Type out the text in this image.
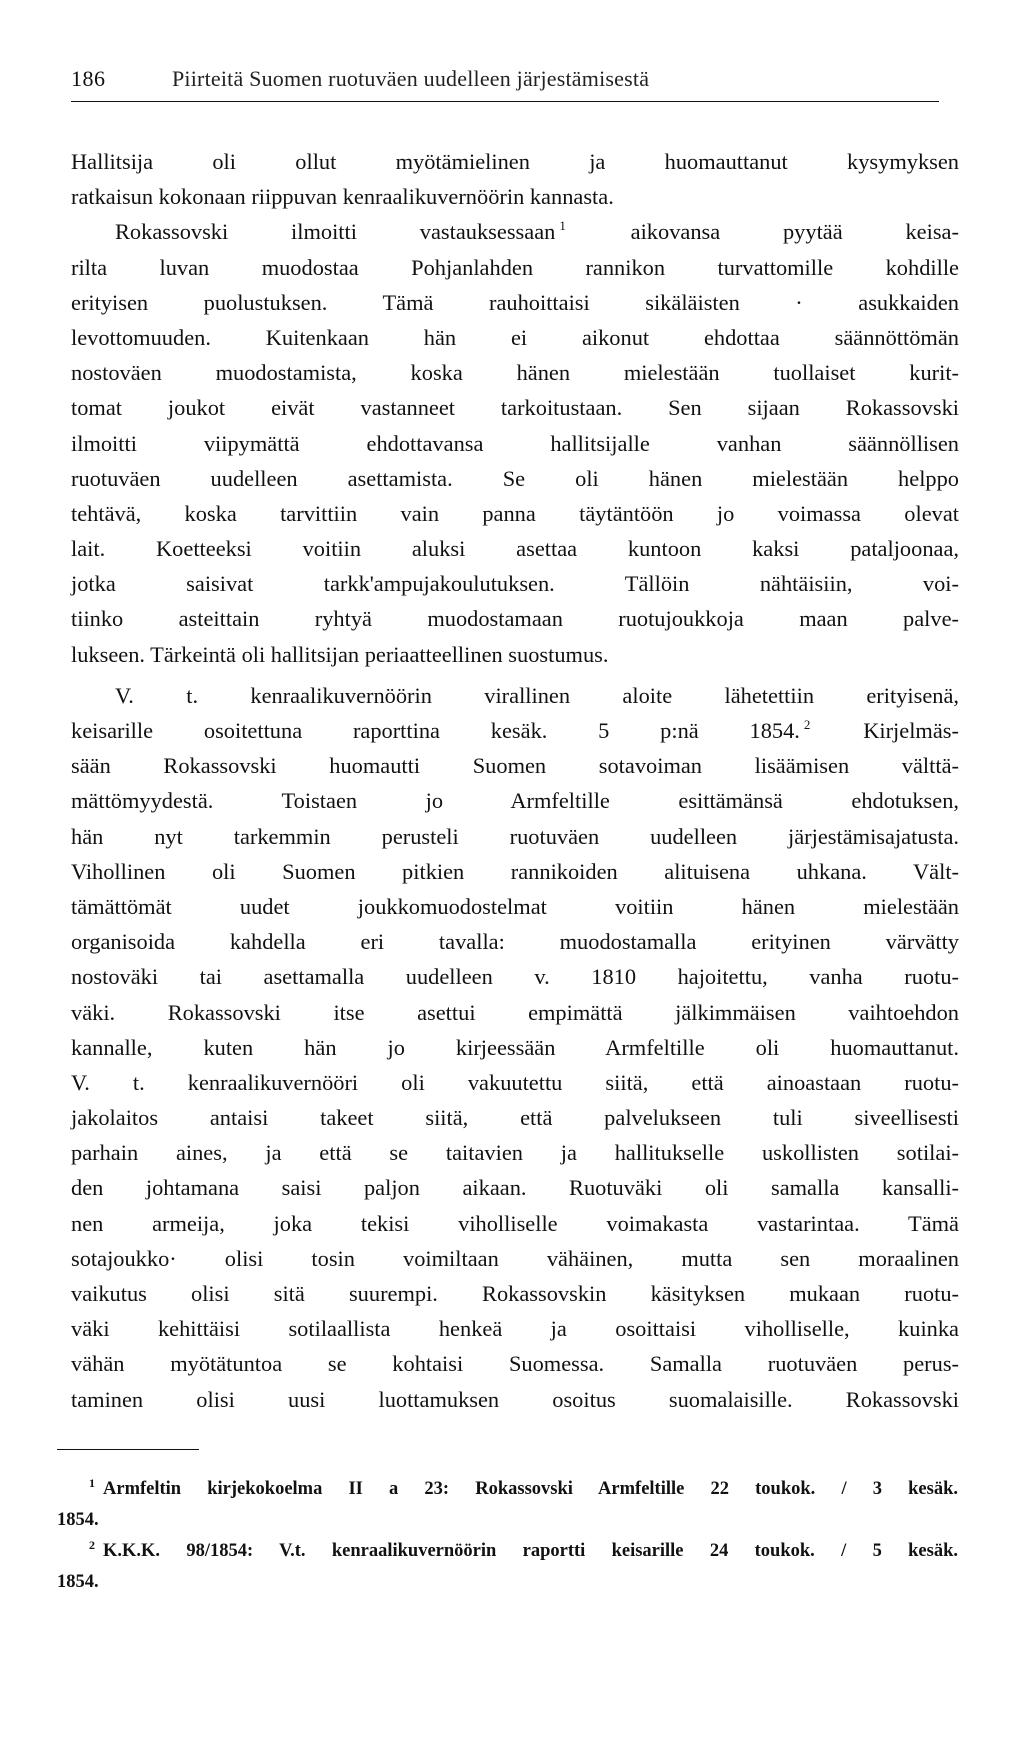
186	Piirteitä Suomen ruotuväen uudelleen järjestämisestä
Hallitsija oli ollut myötämielinen ja huomauttanut kysymyksen
ratkaisun kokonaan riippuvan kenraalikuvernöörin kannasta.
Rokassovski	ilmoitti	vastauksessaan $^1$	aikovansa	pyytää	keisa-
rilta luvan muodostaa Pohjanlahden rannikon turvattomille kohdille
erityisen puolustuksen. Tämä rauhoittaisi sikäläisten · asukkaiden
levottomuuden. Kuitenkaan hän ei aikonut ehdottaa säännöttömän
nostoväen muodostamista, koska hänen mielestään tuollaiset kurit-
tomat joukot eivät vastanneet tarkoitustaan. Sen sijaan Rokassovski
ilmoitti viipymättä ehdottavansa hallitsijalle vanhan säännöllisen
ruotuväen uudelleen asettamista. Se oli hänen mielestään helppo
tehtävä, koska tarvittiin vain panna täytäntöön jo voimassa olevat
lait. Koetteeksi voitiin aluksi asettaa kuntoon kaksi pataljoonaa,
jotka saisivat tarkk'ampujakoulutuksen. Tällöin nähtäisiin, voi-
tiinko asteittain ryhtyä muodostamaan ruotujoukkoja maan palve-
lukseen. Tärkeintä oli hallitsijan periaatteellinen suostumus.
V. t. kenraalikuvernöörin virallinen aloite lähetettiin erityisenä,
keisarille osoitettuna raporttina kesäk. 5 p:nä 1854. $^2$ Kirjelmäs-
sään Rokassovski huomautti Suomen sotavoiman lisäämisen välttä-
mättömyydestä. Toistaen jo Armfeltille esittämänsä ehdotuksen,
hän nyt tarkemmin perusteli ruotuväen uudelleen järjestämisajatusta.
Vihollinen oli Suomen pitkien rannikoiden alituisena uhkana. Vält-
tämättömät uudet joukkomuodostelmat voitiin hänen mielestään
organisoida kahdella eri tavalla: muodostamalla erityinen värvätty
nostoväki tai asettamalla uudelleen v. 1810 hajoitettu, vanha ruotu-
väki. Rokassovski itse asettui empimättä jälkimmäisen vaihtoehdon
kannalle, kuten hän jo kirjeessään Armfeltille oli huomauttanut.
V. t. kenraalikuvernööri oli vakuutettu siitä, että ainoastaan ruotu-
jakolaitos antaisi takeet siitä, että palvelukseen tuli siveellisesti
parhain aines, ja että se taitavien ja hallitukselle uskollisten sotilai-
den johtamana saisi paljon aikaan. Ruotuväki oli samalla kansalli-
nen armeija, joka tekisi viholliselle voimakasta vastarintaa. Tämä
sotajoukko· olisi tosin voimiltaan vähäinen, mutta sen moraalinen
vaikutus olisi sitä suurempi. Rokassovskin käsityksen mukaan ruotu-
väki kehittäisi sotilaallista henkeä ja osoittaisi viholliselle, kuinka
vähän myötätuntoa se kohtaisi Suomessa. Samalla ruotuväen perus-
taminen olisi uusi luottamuksen osoitus suomalaisille. Rokassovski
$^1$ Armfeltin kirjekokoelma II a 23: Rokassovski Armfeltille 22 toukok. / 3 kesäk.
1854.
$^2$ K.K.K. 98/1854: V.t. kenraalikuvernöörin raportti keisarille 24 toukok. / 5 kesäk.
1854.
